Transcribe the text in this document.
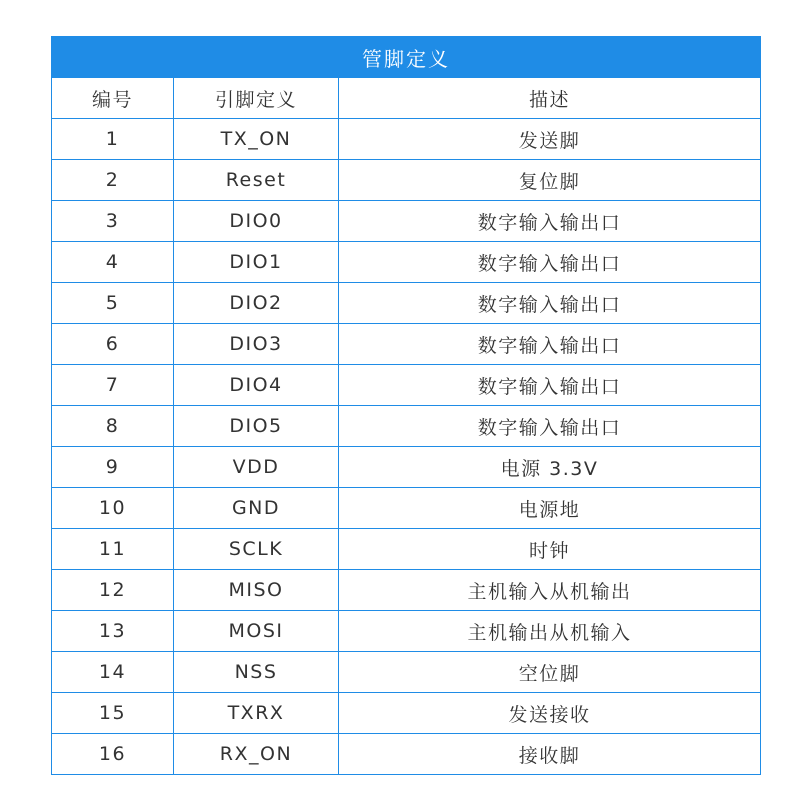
管脚定义		
编号	引脚定义	描述
1	TX_ON	发送脚
2	Reset	复位脚
3	DIO0	数字输入输出口
4	DIO1	数字输入输出口
5	DIO2	数字输入输出口
6	DIO3	数字输入输出口
7	DIO4	数字输入输出口
8	DIO5	数字输入输出口
9	VDD	电源 3.3V
10	GND	电源地
11	SCLK	时钟
12	MISO	主机输入从机输出
13	MOSI	主机输出从机输入
14	NSS	空位脚
15	TXRX	发送接收
16	RX_ON	接收脚
